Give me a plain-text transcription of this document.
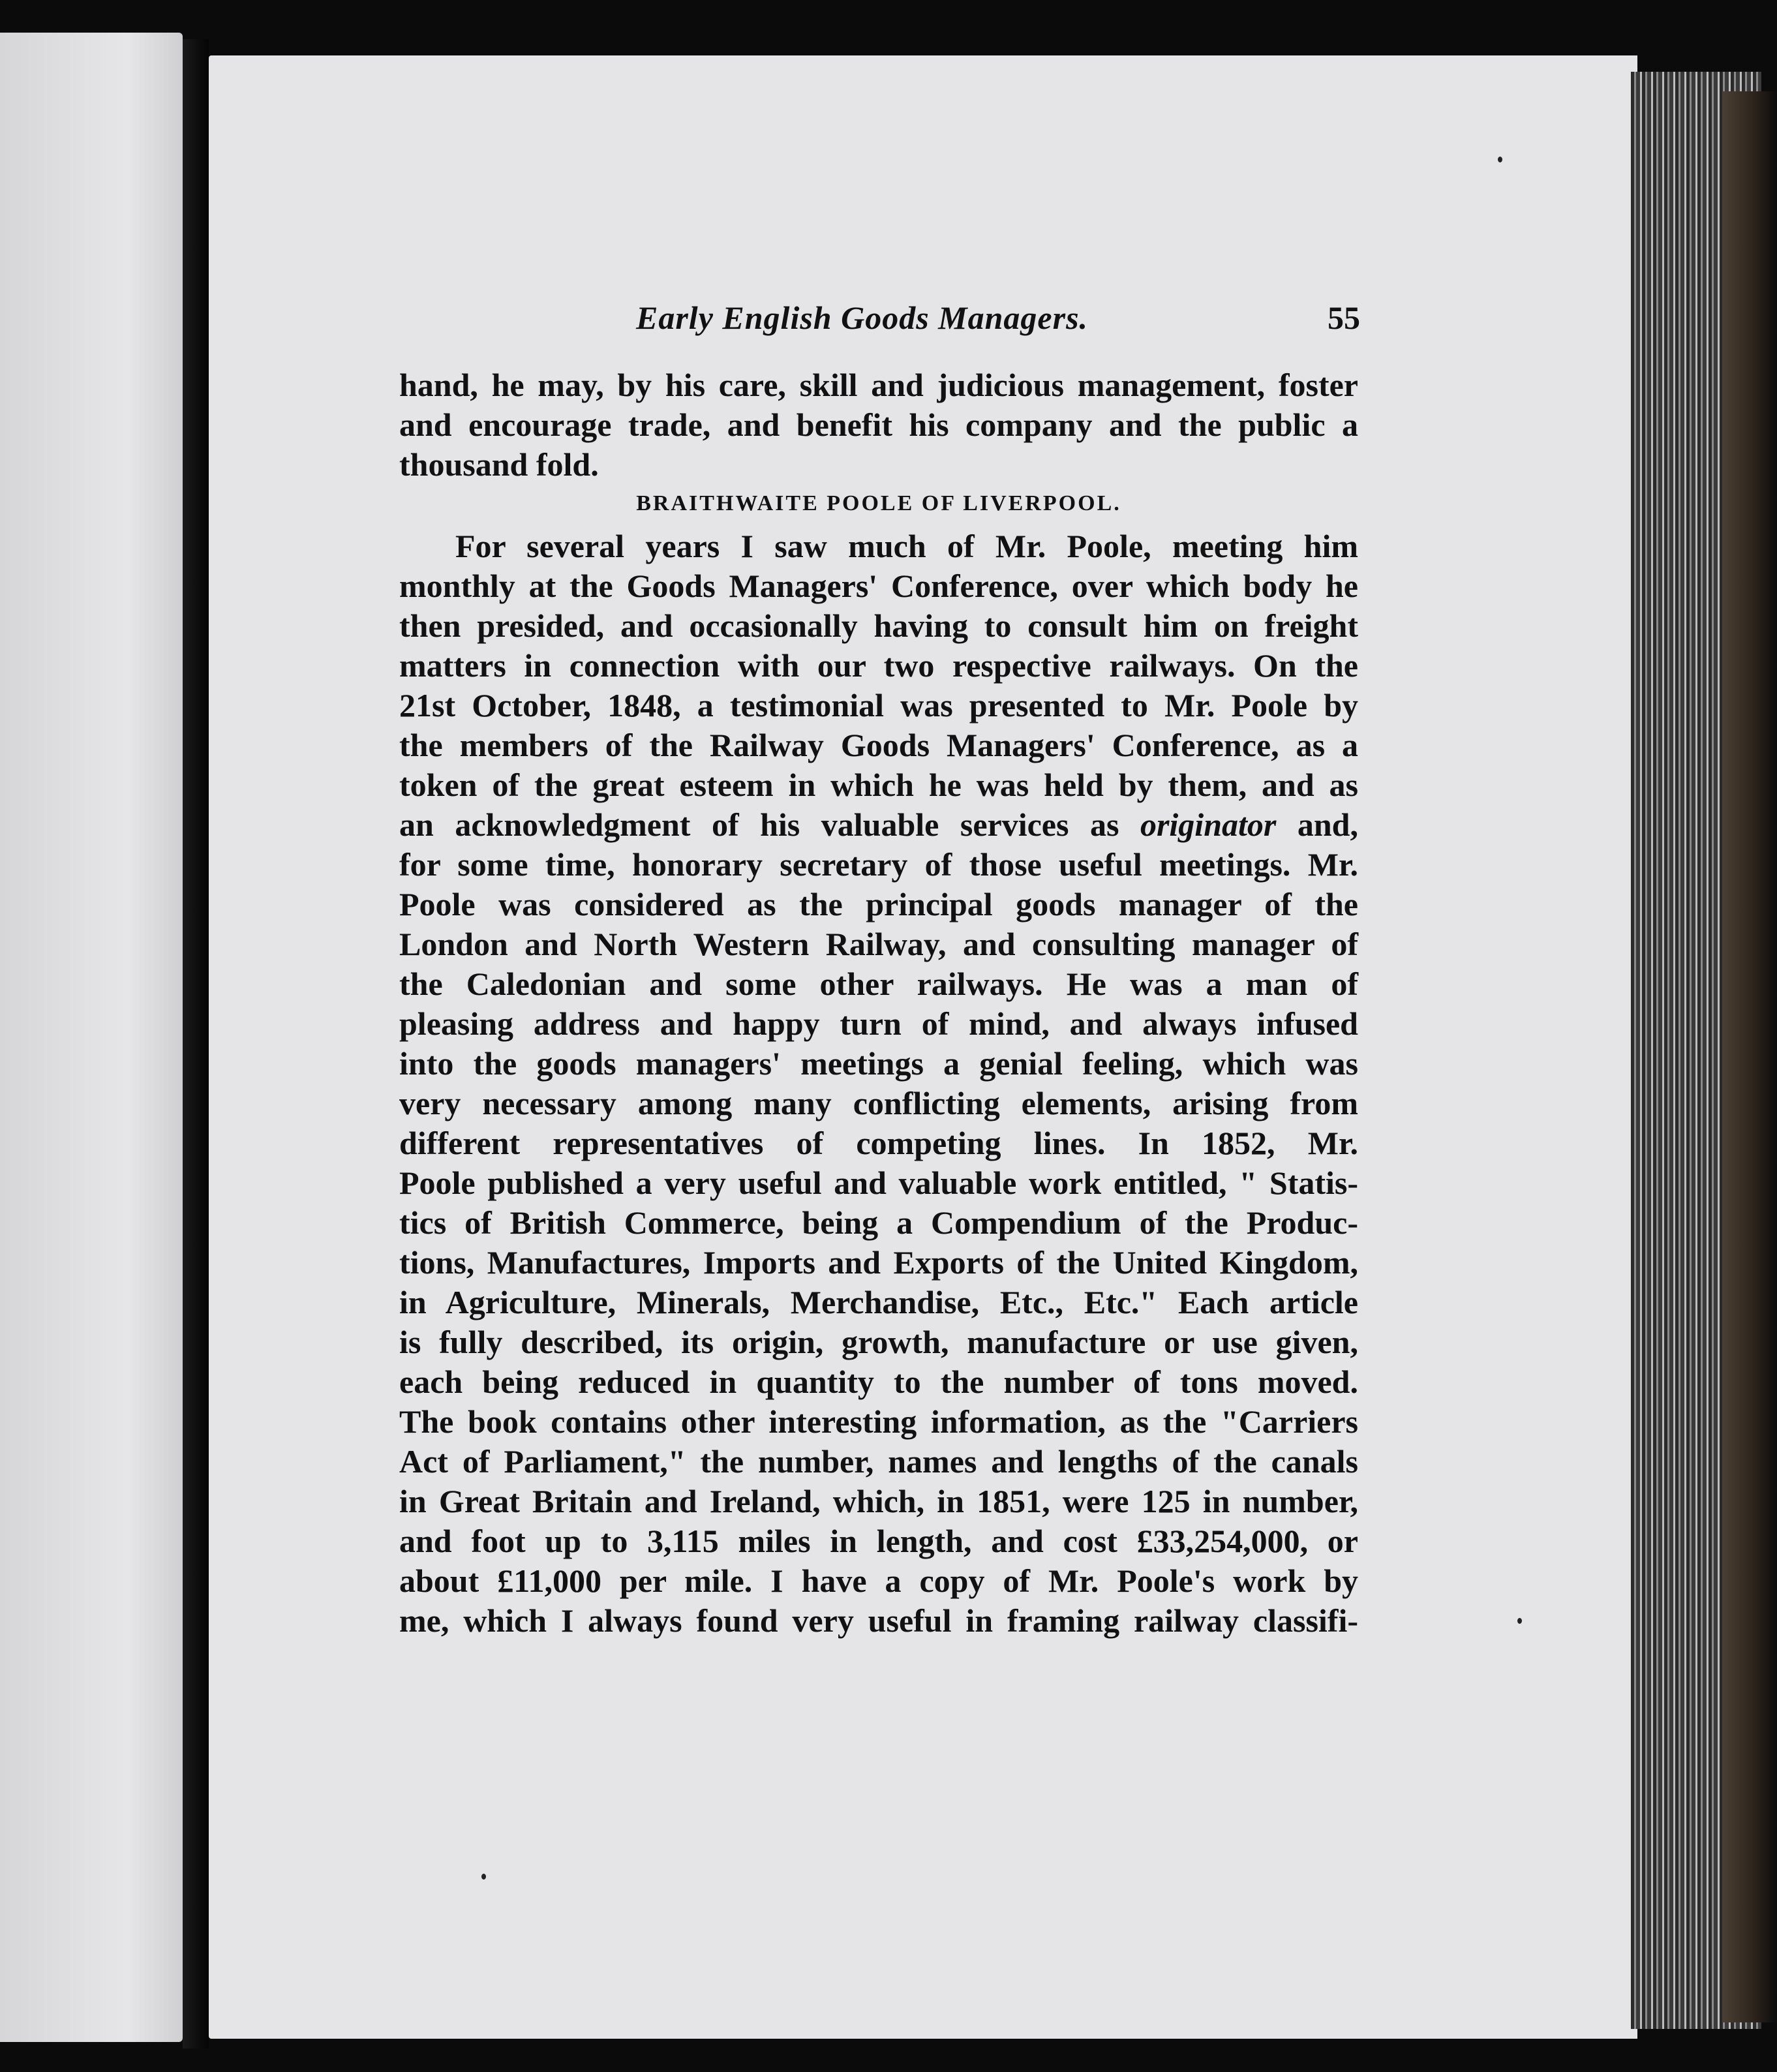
Early English Goods Managers.	55
hand, he may, by his care, skill and judicious management, foster
and encourage trade, and benefit his company and the public a
thousand fold.
BRAITHWAITE POOLE OF LIVERPOOL.
For several years I saw much of Mr. Poole, meeting him
monthly at the Goods Managers' Conference, over which body he
then presided, and occasionally having to consult him on freight
matters in connection with our two respective railways. On the
21st October, 1848, a testimonial was presented to Mr. Poole by
the members of the Railway Goods Managers' Conference, as a
token of the great esteem in which he was held by them, and as
an acknowledgment of his valuable services as originator and,
for some time, honorary secretary of those useful meetings. Mr.
Poole was considered as the principal goods manager of the
London and North Western Railway, and consulting manager of
the Caledonian and some other railways. He was a man of
pleasing address and happy turn of mind, and always infused
into the goods managers' meetings a genial feeling, which was
very necessary among many conflicting elements, arising from
different representatives of competing lines. In 1852, Mr.
Poole published a very useful and valuable work entitled, " Statis-
tics of British Commerce, being a Compendium of the Produc-
tions, Manufactures, Imports and Exports of the United Kingdom,
in Agriculture, Minerals, Merchandise, Etc., Etc." Each article
is fully described, its origin, growth, manufacture or use given,
each being reduced in quantity to the number of tons moved.
The book contains other interesting information, as the "Carriers
Act of Parliament," the number, names and lengths of the canals
in Great Britain and Ireland, which, in 1851, were 125 in number,
and foot up to 3,115 miles in length, and cost £33,254,000, or
about £11,000 per mile. I have a copy of Mr. Poole's work by
me, which I always found very useful in framing railway classifi-
